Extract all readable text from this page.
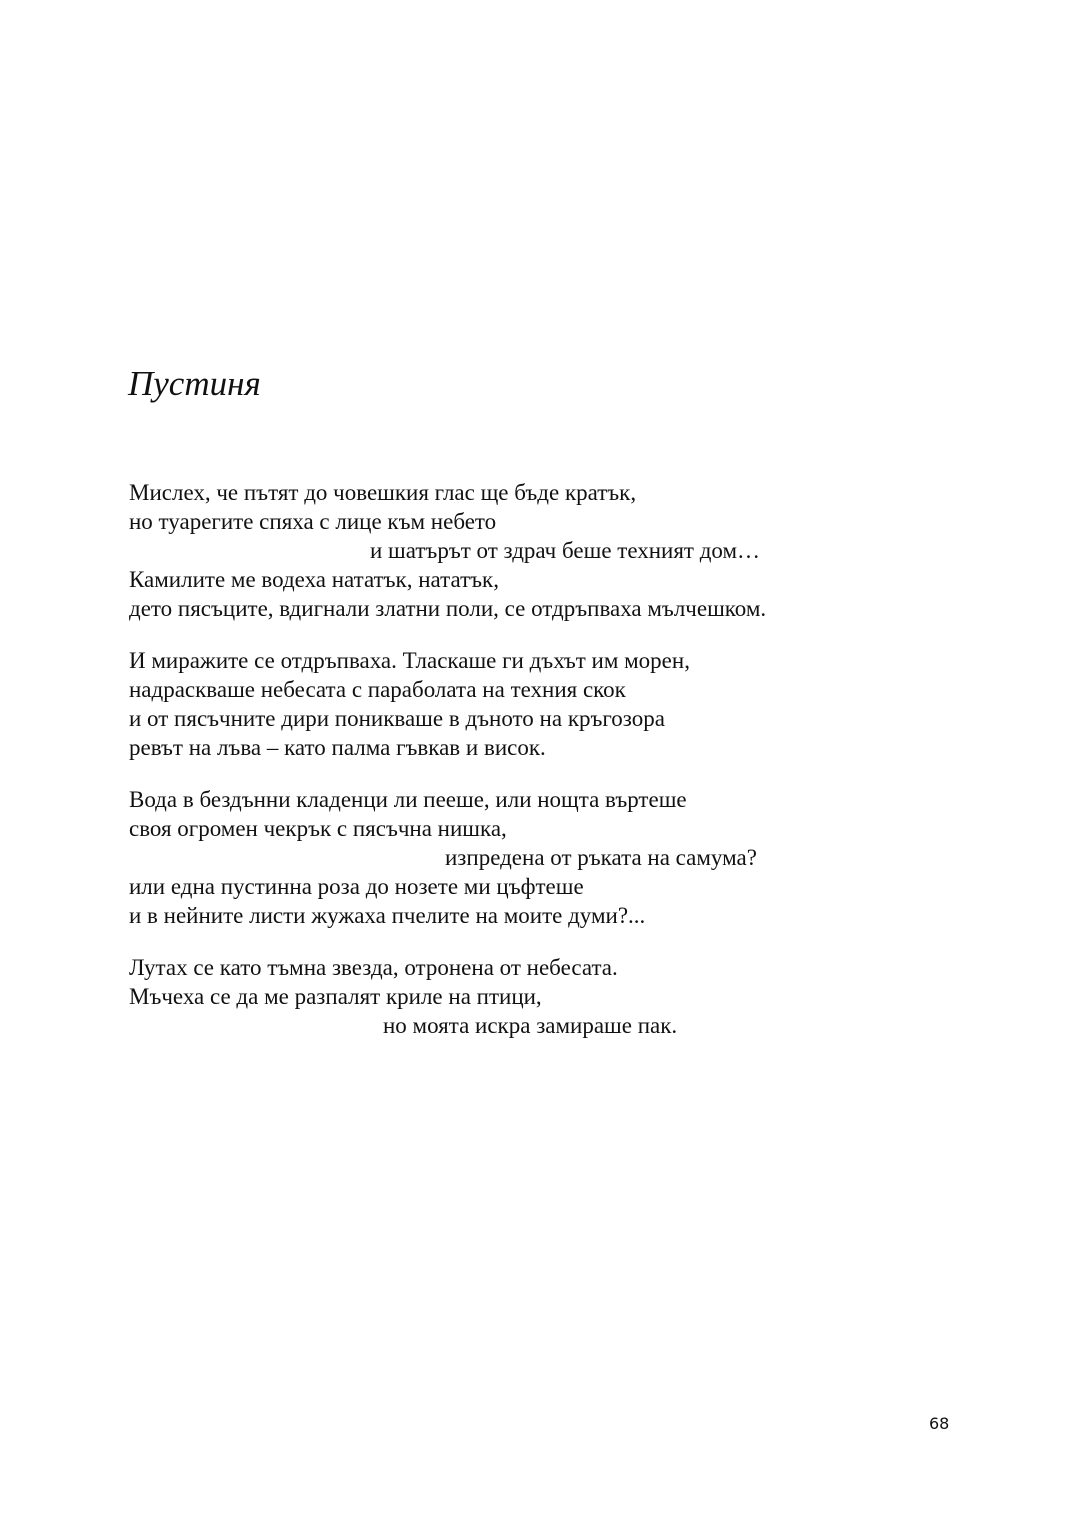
Пустиня
Мислех, че пътят до човешкия глас ще бъде кратък,
но туарегите спяха с лице към небето
и шатърът от здрач беше техният дом…
Камилите ме водеха нататък, нататък,
дето пясъците, вдигнали златни поли, се отдръпваха мълчешком.
И миражите се отдръпваха. Тласкаше ги дъхът им морен,
надраскваше небесата с параболата на техния скок
и от пясъчните дири поникваше в дъното на кръгозора
ревът на лъва – като палма гъвкав и висок.
Вода в бездънни кладенци ли пееше, или нощта въртеше
своя огромен чекрък с пясъчна нишка,
изпредена от ръката на самума?
или една пустинна роза до нозете ми цъфтеше
и в нейните листи жужаха пчелите на моите думи?...
Лутах се като тъмна звезда, отронена от небесата.
Мъчеха се да ме разпалят криле на птици,
но моята искра замираше пак.
68
